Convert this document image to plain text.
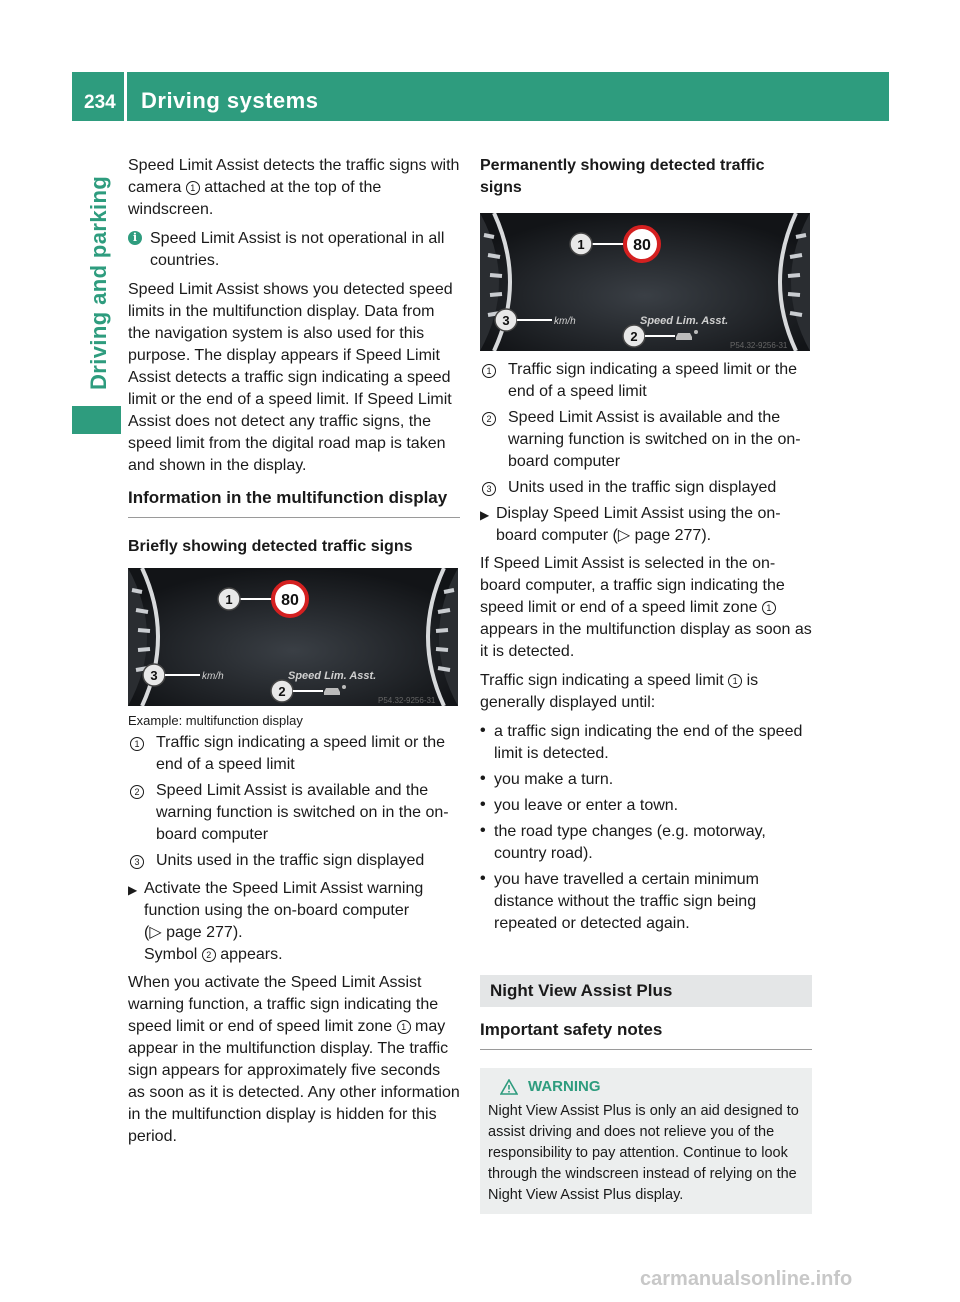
234 Driving systems
Driving and parking

Speed Limit Assist detects the traffic signs with camera 1 attached at the top of the windscreen.

i Speed Limit Assist is not operational in all countries.

Speed Limit Assist shows you detected speed limits in the multifunction display. Data from the navigation system is also used for this purpose. The display appears if Speed Limit Assist detects a traffic sign indicating a speed limit or the end of a speed limit. If Speed Limit Assist does not detect any traffic signs, the speed limit from the digital road map is taken and shown in the display.

Information in the multifunction display
Briefly showing detected traffic signs
80
1
3	km/h	Speed Lim. Asst.
2
P54.32-9256-31
Example: multifunction display
1 Traffic sign indicating a speed limit or the end of a speed limit
2 Speed Limit Assist is available and the warning function is switched on in the on-board computer
3 Units used in the traffic sign displayed
▶ Activate the Speed Limit Assist warning function using the on-board computer
(▷ page 277).
Symbol 2 appears.

When you activate the Speed Limit Assist warning function, a traffic sign indicating the speed limit or end of speed limit zone 1 may appear in the multifunction display. The traffic sign appears for approximately five seconds as soon as it is detected. Any other information in the multifunction display is hidden for this period.

Permanently showing detected traffic signs
80
1
3	km/h	Speed Lim. Asst.
2
P54.32-9256-31
1 Traffic sign indicating a speed limit or the end of a speed limit
2 Speed Limit Assist is available and the warning function is switched on in the on-board computer
3 Units used in the traffic sign displayed
▶ Display Speed Limit Assist using the on-board computer (▷ page 277).

If Speed Limit Assist is selected in the on-board computer, a traffic sign indicating the speed limit or end of a speed limit zone 1 appears in the multifunction display as soon as it is detected.

Traffic sign indicating a speed limit 1 is generally displayed until:

• a traffic sign indicating the end of the speed limit is detected.
• you make a turn.
• you leave or enter a town.
• the road type changes (e.g. motorway, country road).
• you have travelled a certain minimum distance without the traffic sign being repeated or detected again.
Night View Assist Plus
Important safety notes
WARNING
Night View Assist Plus is only an aid designed to assist driving and does not relieve you of the responsibility to pay attention. Continue to look through the windscreen instead of relying on the Night View Assist Plus display.
carmanualsonline.info
